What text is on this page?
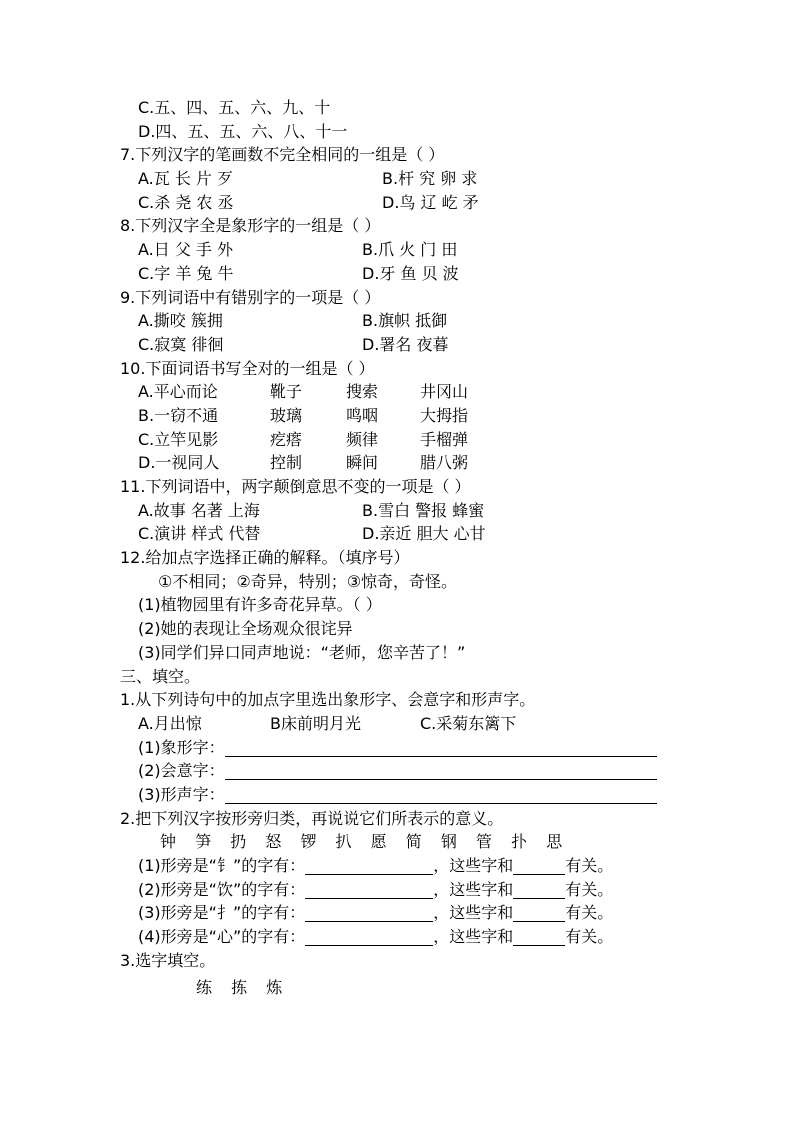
C.五、四、五、六、九、十
D.四、五、五、六、八、十一
7.下列汉字的笔画数不完全相同的一组是（ ）
A.瓦 长 片 歹	B.杆 究 卵 求
C.杀 尧 农 丞	D.鸟 辽 屹 矛
8.下列汉字全是象形字的一组是（ ）
A.日 父 手 外	B.爪 火 门 田
C.字 羊 兔 牛	D.牙 鱼 贝 波
9.下列词语中有错别字的一项是（ ）
A.撕咬 簇拥	B.旗帜 抵御
C.寂寞 徘徊	D.署名 夜暮
10.下面词语书写全对的一组是（ ）
A.平心而论	靴子	搜索	井冈山
B.一窃不通	玻璃	鸣咽	大拇指
C.立竿见影	疙瘩	频律	手榴弹
D.一视同人	控制	瞬间	腊八粥
11.下列词语中，两字颠倒意思不变的一项是（ ）
A.故事 名著 上海	B.雪白 警报 蜂蜜
C.演讲 样式 代替	D.亲近 胆大 心甘
12.给加点字选择正确的解释。（填序号）
①不相同；②奇异，特别；③惊奇，奇怪。
(1)植物园里有许多奇花异草。（ ）
(2)她的表现让全场观众很诧异
(3)同学们异口同声地说：“老师，您辛苦了！”
三、填空。
1.从下列诗句中的加点字里选出象形字、会意字和形声字。
A.月出惊	B床前明月光	C.采菊东篱下
(1)象形字：
(2)会意字：
(3)形声字：
2.把下列汉字按形旁归类，再说说它们所表示的意义。
钟 笋 扔 怒 锣 扒 愿 简 钢 管 扑 思
(1)形旁是“钅”的字有：	，这些字和	有关。
(2)形旁是“饮”的字有：	，这些字和	有关。
(3)形旁是“扌”的字有：	，这些字和	有关。
(4)形旁是“心”的字有：	，这些字和	有关。
3.选字填空。
练 拣 炼
